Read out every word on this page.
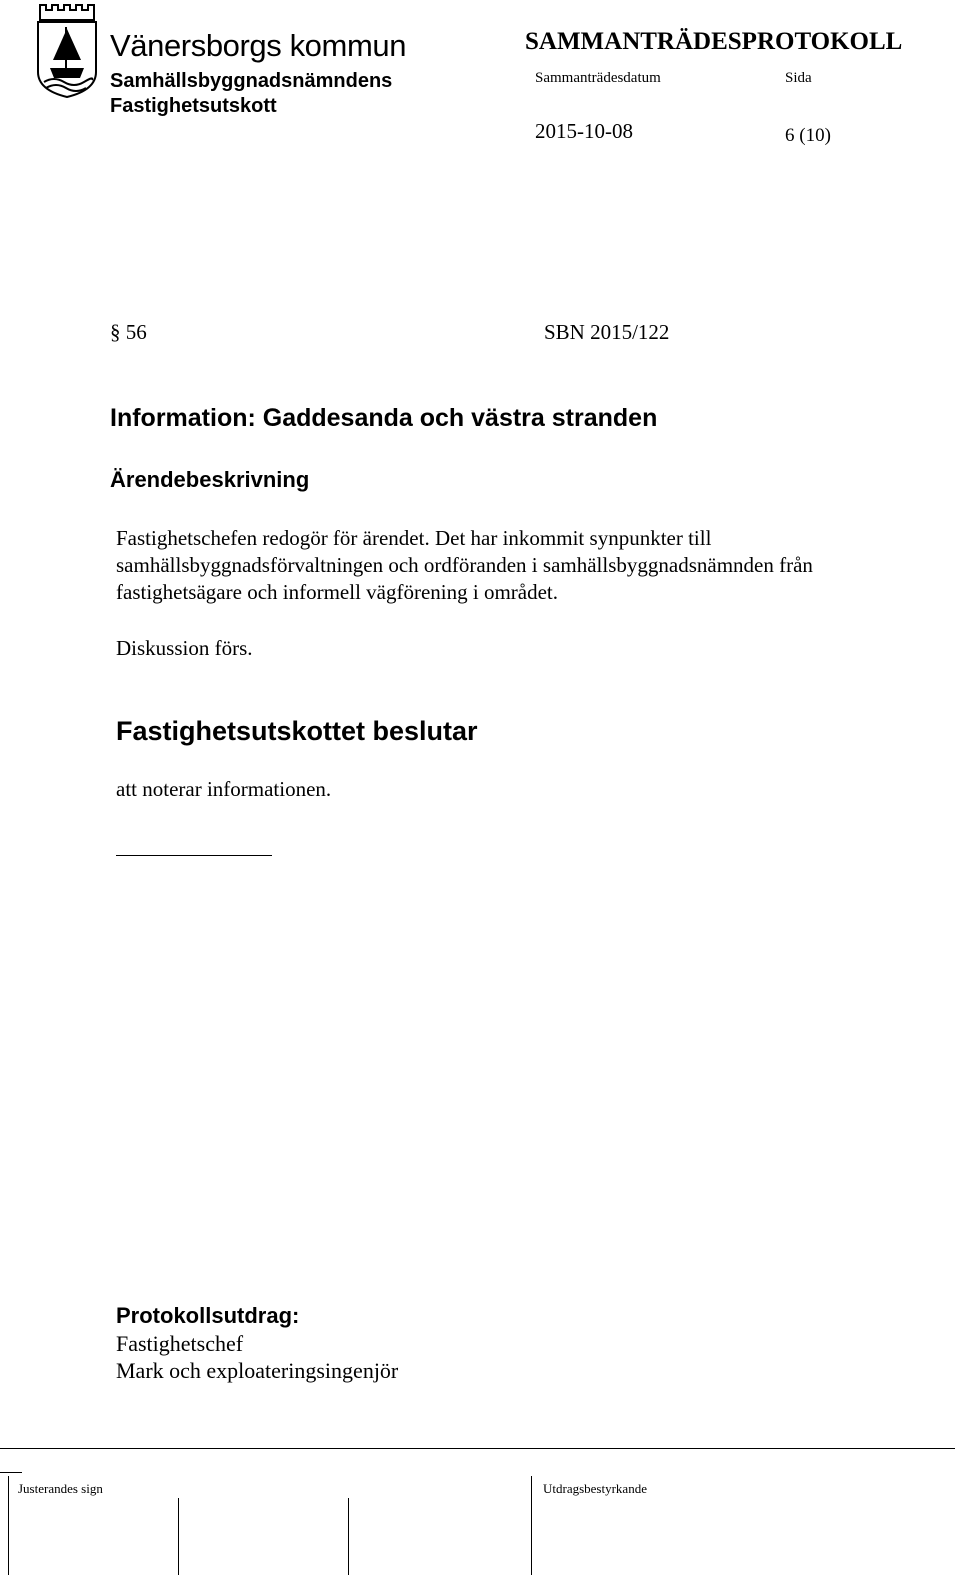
Vänersborgs kommun
Samhällsbyggnadsnämndens
Fastighetsutskott
SAMMANTRÄDESPROTOKOLL
Sammanträdesdatum	Sida
2015-10-08	6 (10)
§ 56	SBN 2015/122
Information: Gaddesanda och västra stranden
Ärendebeskrivning
Fastighetschefen redogör för ärendet. Det har inkommit synpunkter till
samhällsbyggnadsförvaltningen och ordföranden i samhällsbyggnadsnämnden från
fastighetsägare och informell vägförening i området.
Diskussion förs.
Fastighetsutskottet beslutar
att noterar informationen.
Protokollsutdrag:
Fastighetschef
Mark och exploateringsingenjör
Justerandes sign	Utdragsbestyrkande
